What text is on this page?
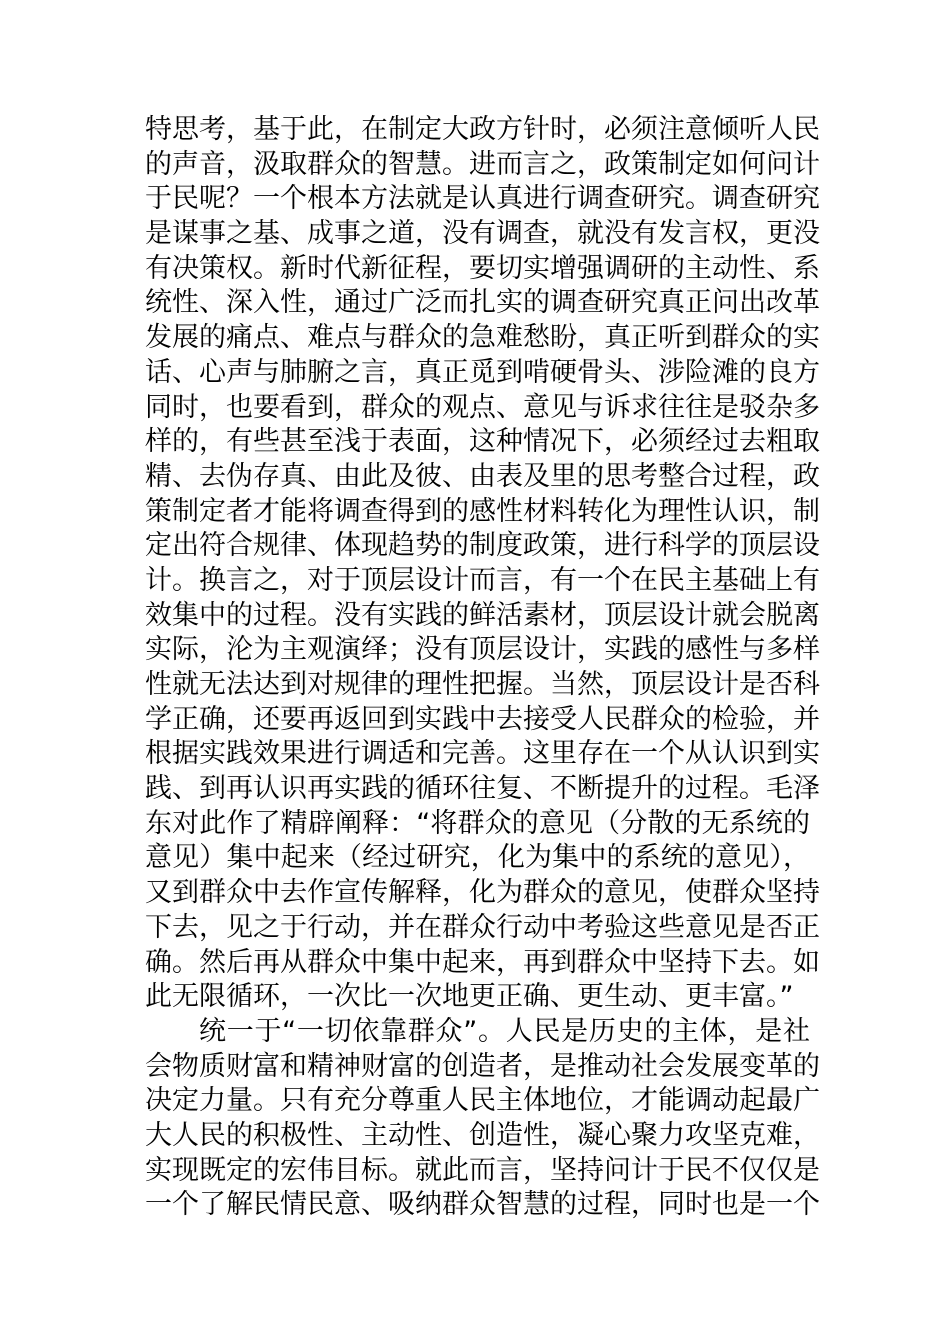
特思考，基于此，在制定大政方针时，必须注意倾听人民
的声音，汲取群众的智慧。进而言之，政策制定如何问计
于民呢？一个根本方法就是认真进行调查研究。调查研究
是谋事之基、成事之道，没有调查，就没有发言权，更没
有决策权。新时代新征程，要切实增强调研的主动性、系
统性、深入性，通过广泛而扎实的调查研究真正问出改革
发展的痛点、难点与群众的急难愁盼，真正听到群众的实
话、心声与肺腑之言，真正觅到啃硬骨头、涉险滩的良方
同时，也要看到，群众的观点、意见与诉求往往是驳杂多
样的，有些甚至浅于表面，这种情况下，必须经过去粗取
精、去伪存真、由此及彼、由表及里的思考整合过程，政
策制定者才能将调查得到的感性材料转化为理性认识，制
定出符合规律、体现趋势的制度政策，进行科学的顶层设
计。换言之，对于顶层设计而言，有一个在民主基础上有
效集中的过程。没有实践的鲜活素材，顶层设计就会脱离
实际，沦为主观演绎；没有顶层设计，实践的感性与多样
性就无法达到对规律的理性把握。当然，顶层设计是否科
学正确，还要再返回到实践中去接受人民群众的检验，并
根据实践效果进行调适和完善。这里存在一个从认识到实
践、到再认识再实践的循环往复、不断提升的过程。毛泽
东对此作了精辟阐释：“将群众的意见（分散的无系统的
意见）集中起来（经过研究，化为集中的系统的意见），
又到群众中去作宣传解释，化为群众的意见，使群众坚持
下去，见之于行动，并在群众行动中考验这些意见是否正
确。然后再从群众中集中起来，再到群众中坚持下去。如
此无限循环，一次比一次地更正确、更生动、更丰富。”
统一于“一切依靠群众”。人民是历史的主体，是社
会物质财富和精神财富的创造者，是推动社会发展变革的
决定力量。只有充分尊重人民主体地位，才能调动起最广
大人民的积极性、主动性、创造性，凝心聚力攻坚克难，
实现既定的宏伟目标。就此而言，坚持问计于民不仅仅是
一个了解民情民意、吸纳群众智慧的过程，同时也是一个
